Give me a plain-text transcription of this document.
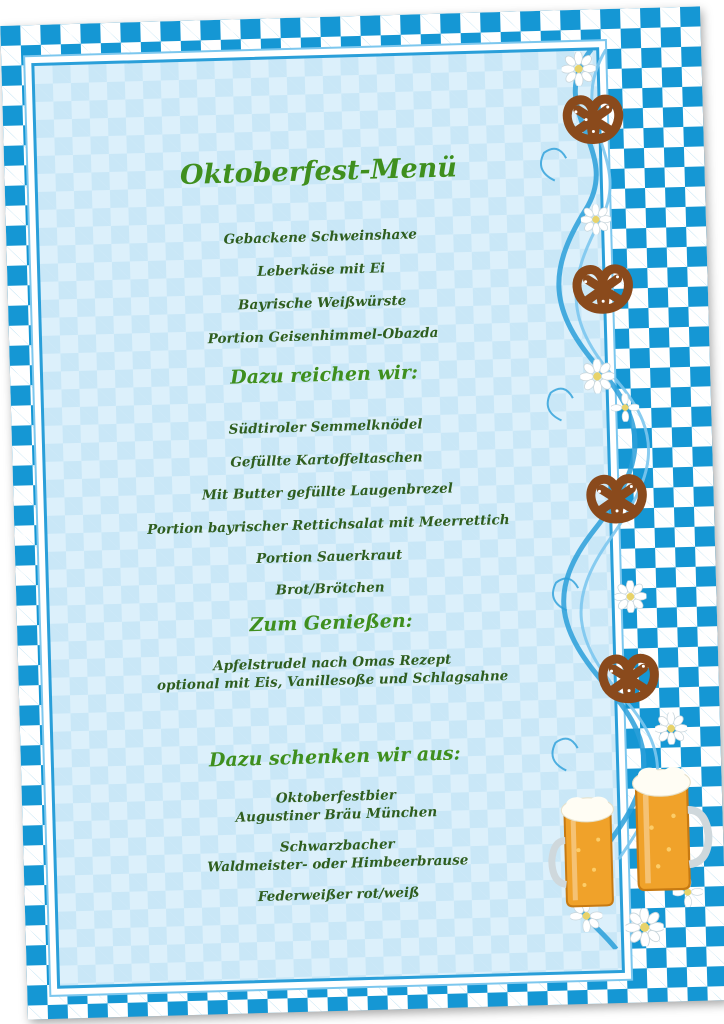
Oktoberfest-Menü
Gebackene Schweinshaxe
Leberkäse mit Ei
Bayrische Weißwürste
Portion Geisenhimmel-Obazda
Dazu reichen wir:
Südtiroler Semmelknödel
Gefüllte Kartoffeltaschen
Mit Butter gefüllte Laugenbrezel
Portion bayrischer Rettichsalat mit Meerrettich
Portion Sauerkraut
Brot/Brötchen
Zum Genießen:
Apfelstrudel nach Omas Rezept
optional mit Eis, Vanillesoße und Schlagsahne
Dazu schenken wir aus:
Oktoberfestbier
Augustiner Bräu München
Schwarzbacher
Waldmeister- oder Himbeerbrause
Federweißer rot/weiß
